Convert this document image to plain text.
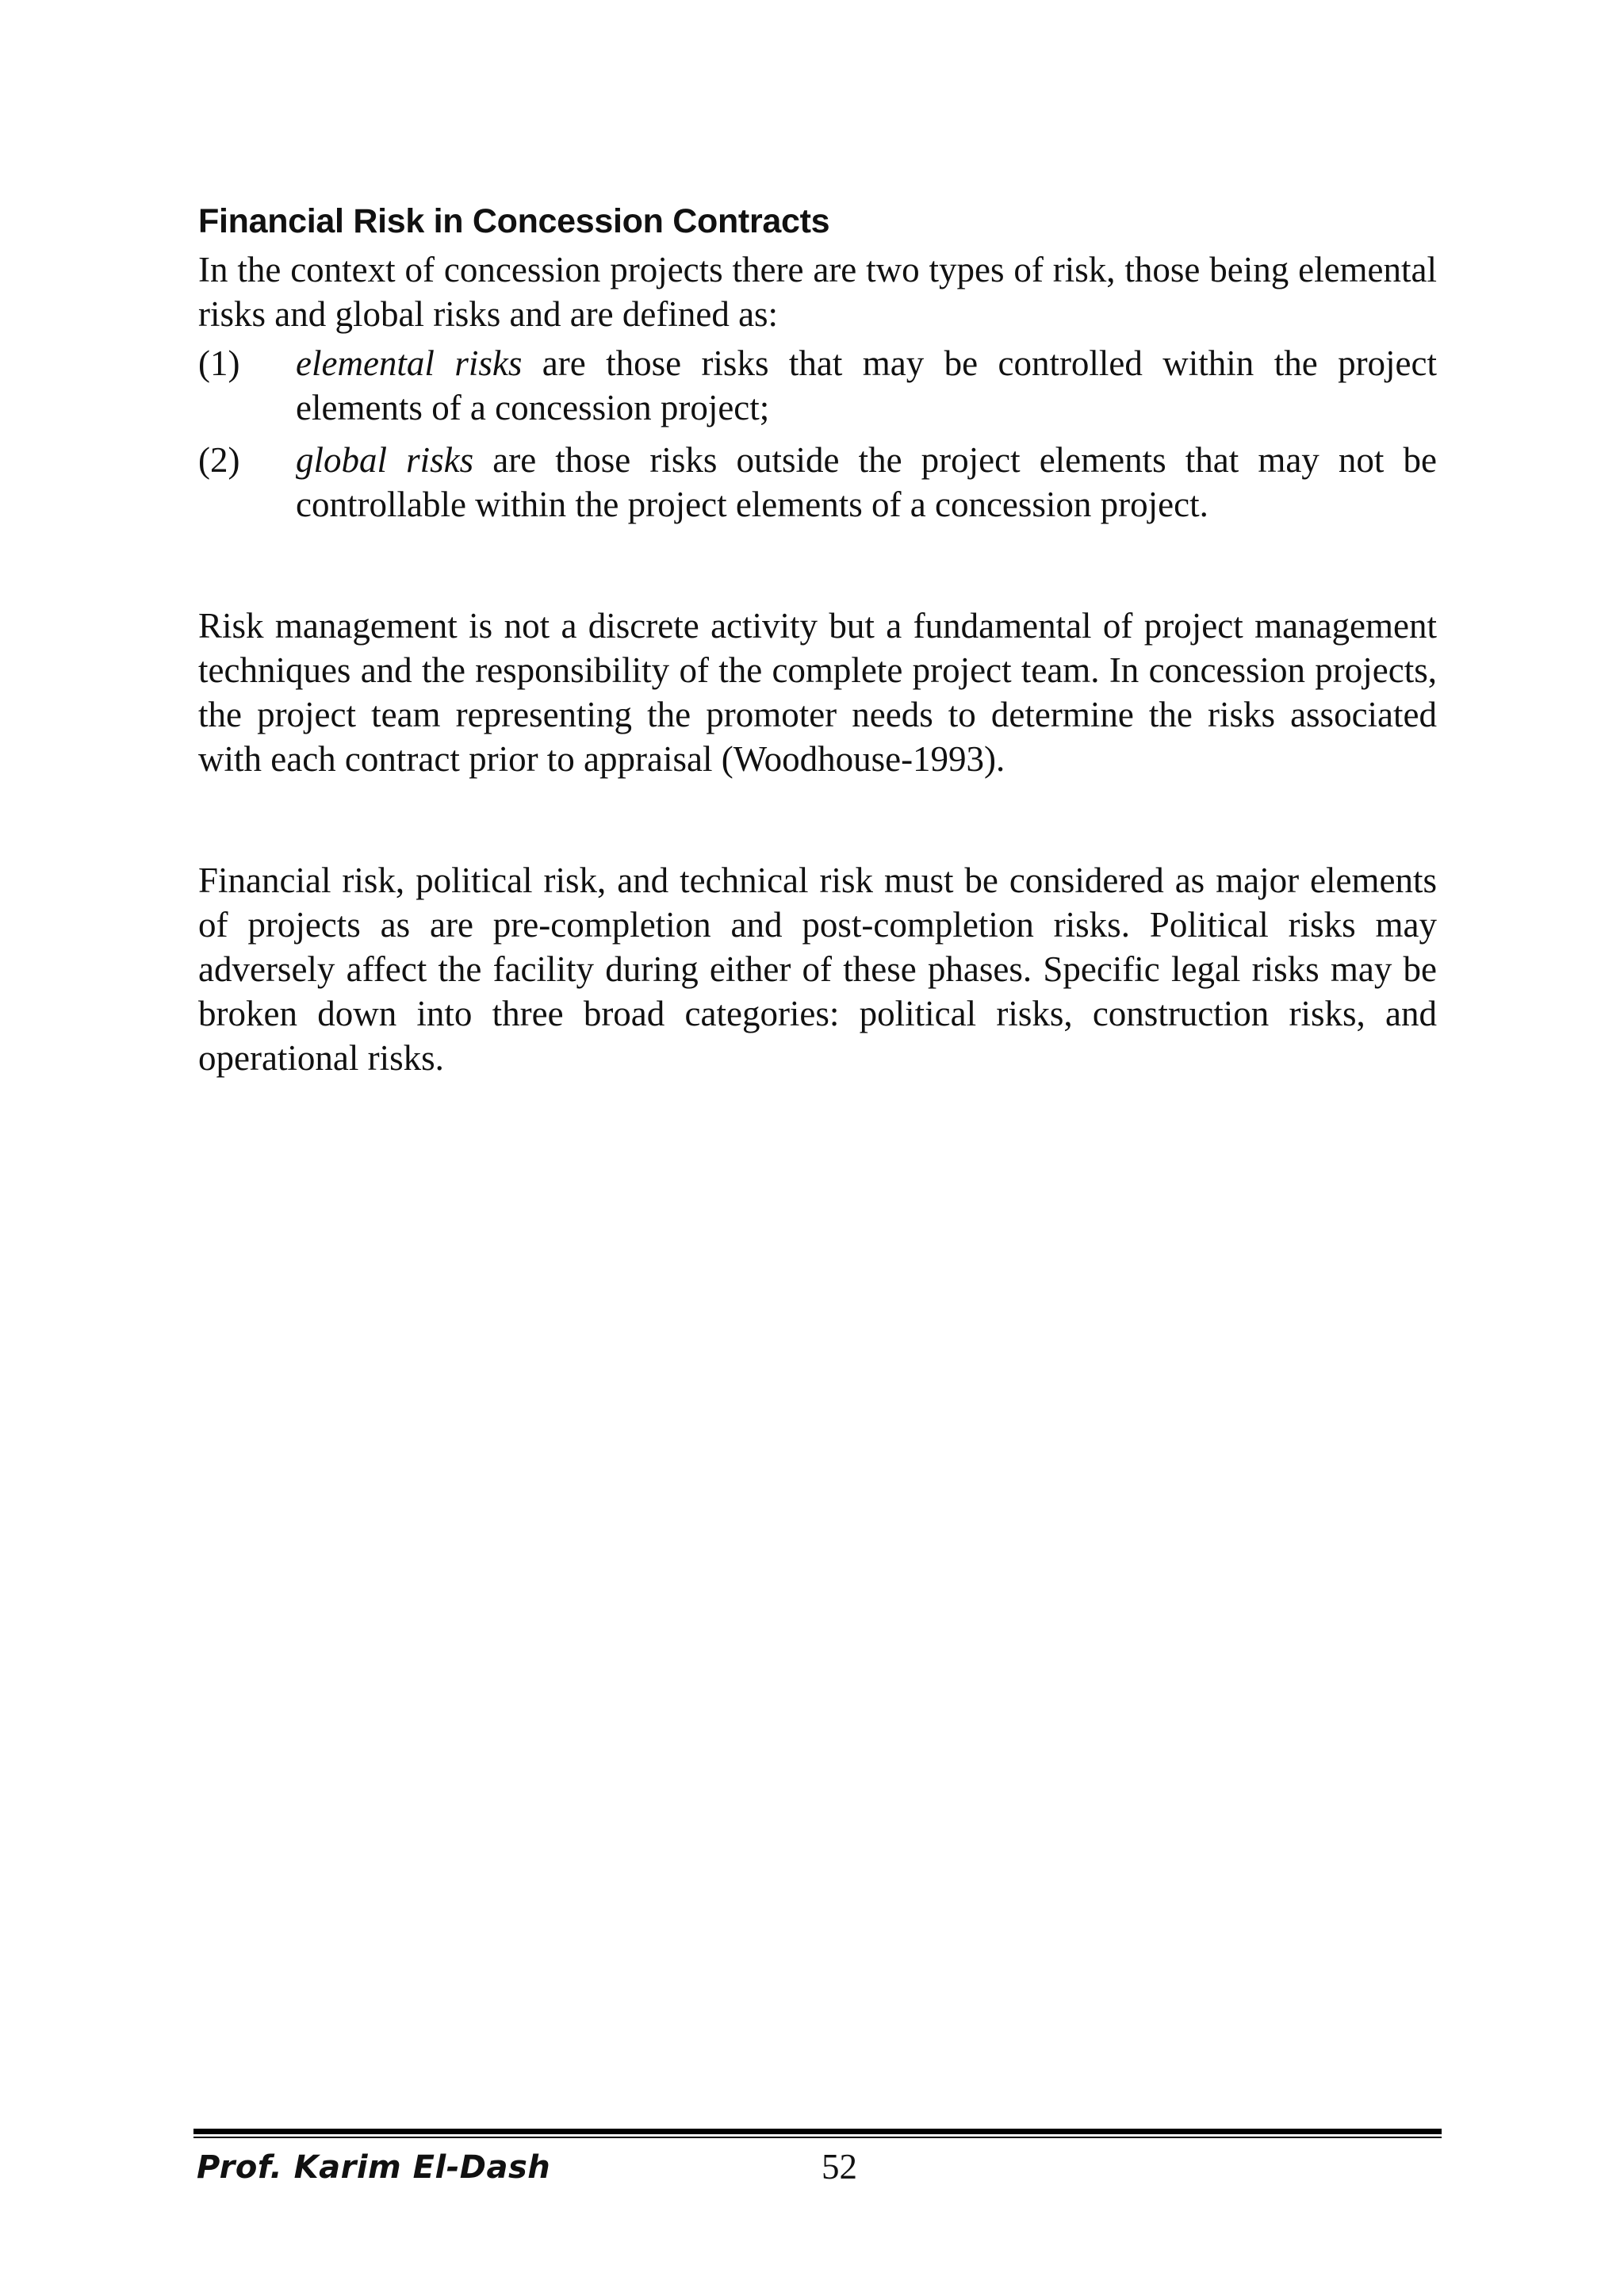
Financial Risk in Concession Contracts

In the context of concession projects there are two types of risk, those being elemental risks and global risks and are defined as:

(1) elemental risks are those risks that may be controlled within the project elements of a concession project;
(2) global risks are those risks outside the project elements that may not be controllable within the project elements of a concession project.

Risk management is not a discrete activity but a fundamental of project management techniques and the responsibility of the complete project team. In concession projects, the project team representing the promoter needs to determine the risks associated with each contract prior to appraisal (Woodhouse-1993).

Financial risk, political risk, and technical risk must be considered as major elements of projects as are pre-completion and post-completion risks. Political risks may adversely affect the facility during either of these phases. Specific legal risks may be broken down into three broad categories: political risks, construction risks, and operational risks.

Prof. Karim El-Dash	52
